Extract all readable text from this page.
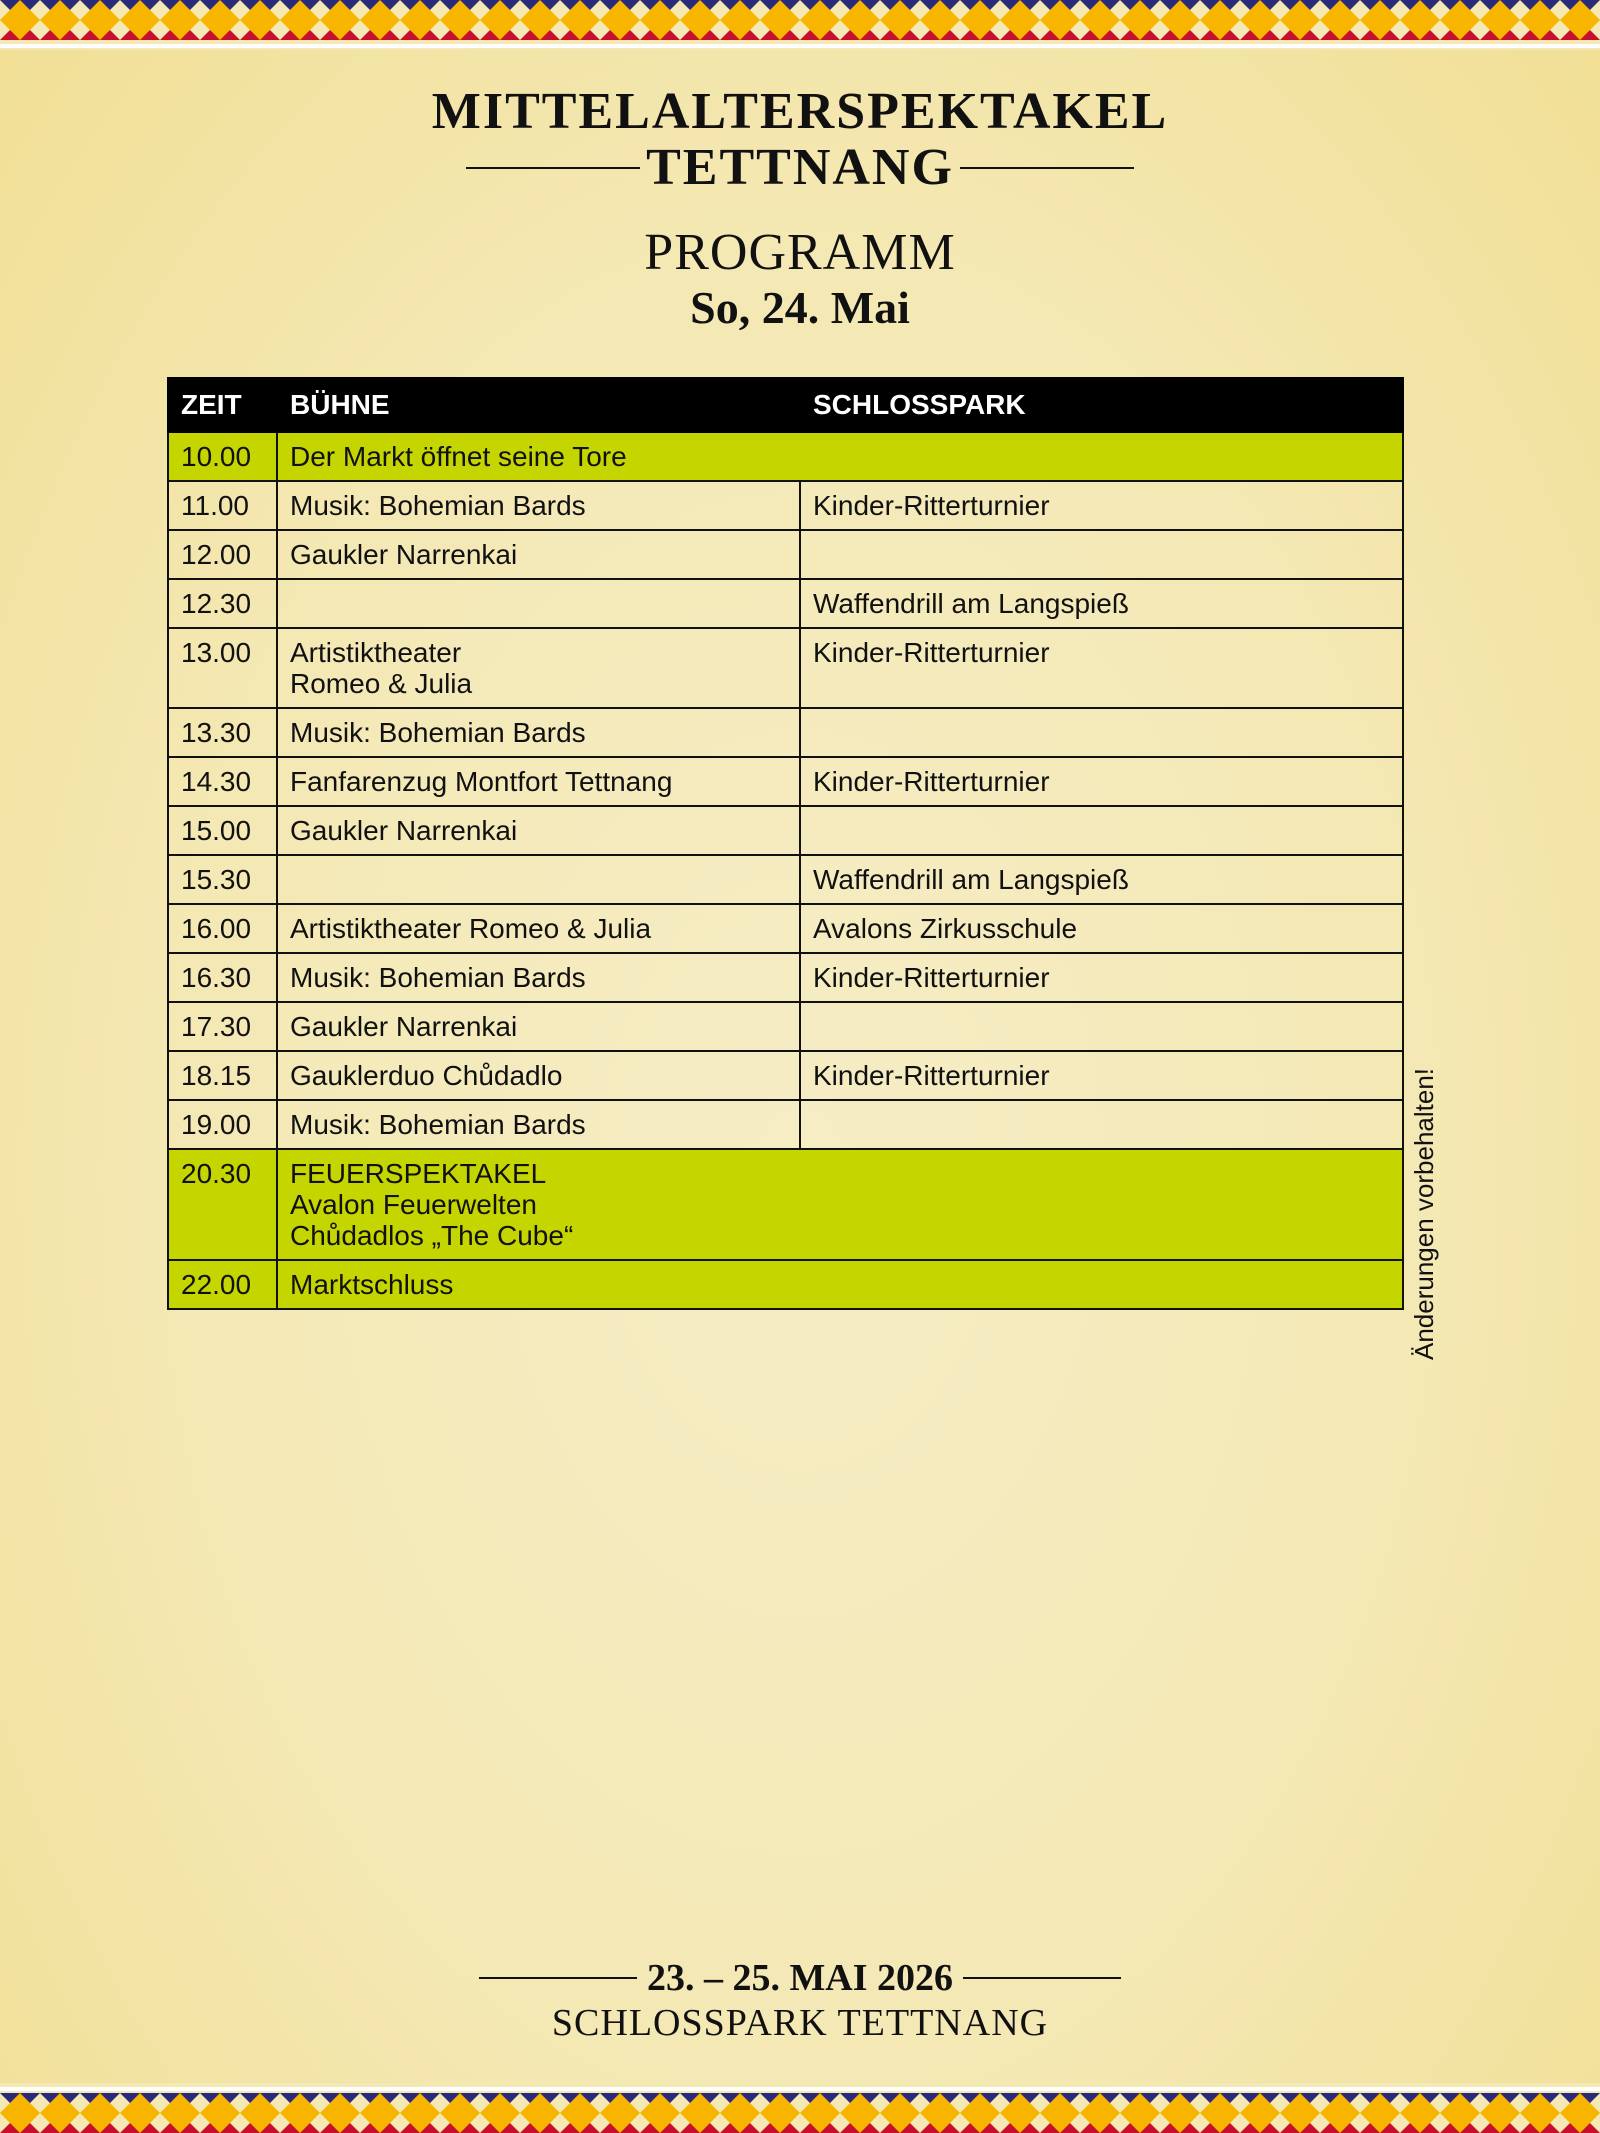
MITTELALTERSPEKTAKEL
TETTNANG
PROGRAMM
So, 24. Mai
ZEIT	BÜHNE	SCHLOSSPARK
10.00	Der Markt öffnet seine Tore	
11.00	Musik: Bohemian Bards	Kinder-Ritterturnier
12.00	Gaukler Narrenkai	

12.30		Waffendrill am Langspieß
13.00	Artistiktheater
Romeo & Julia	Kinder-Ritterturnier
13.30	Musik: Bohemian Bards	

14.30	Fanfarenzug Montfort Tettnang	Kinder-Ritterturnier
15.00	Gaukler Narrenkai	

15.30		Waffendrill am Langspieß
16.00	Artistiktheater Romeo & Julia	Avalons Zirkusschule
16.30	Musik: Bohemian Bards	Kinder-Ritterturnier
17.30	Gaukler Narrenkai	

18.15	Gauklerduo Chůdadlo	Kinder-Ritterturnier
19.00	Musik: Bohemian Bards	

20.30	FEUERSPEKTAKEL
Avalon Feuerwelten
Chůdadlos „The Cube“	

22.00	Marktschluss		Änderungen vorbehalten!
23. – 25. MAI 2026
SCHLOSSPARK TETTNANG
